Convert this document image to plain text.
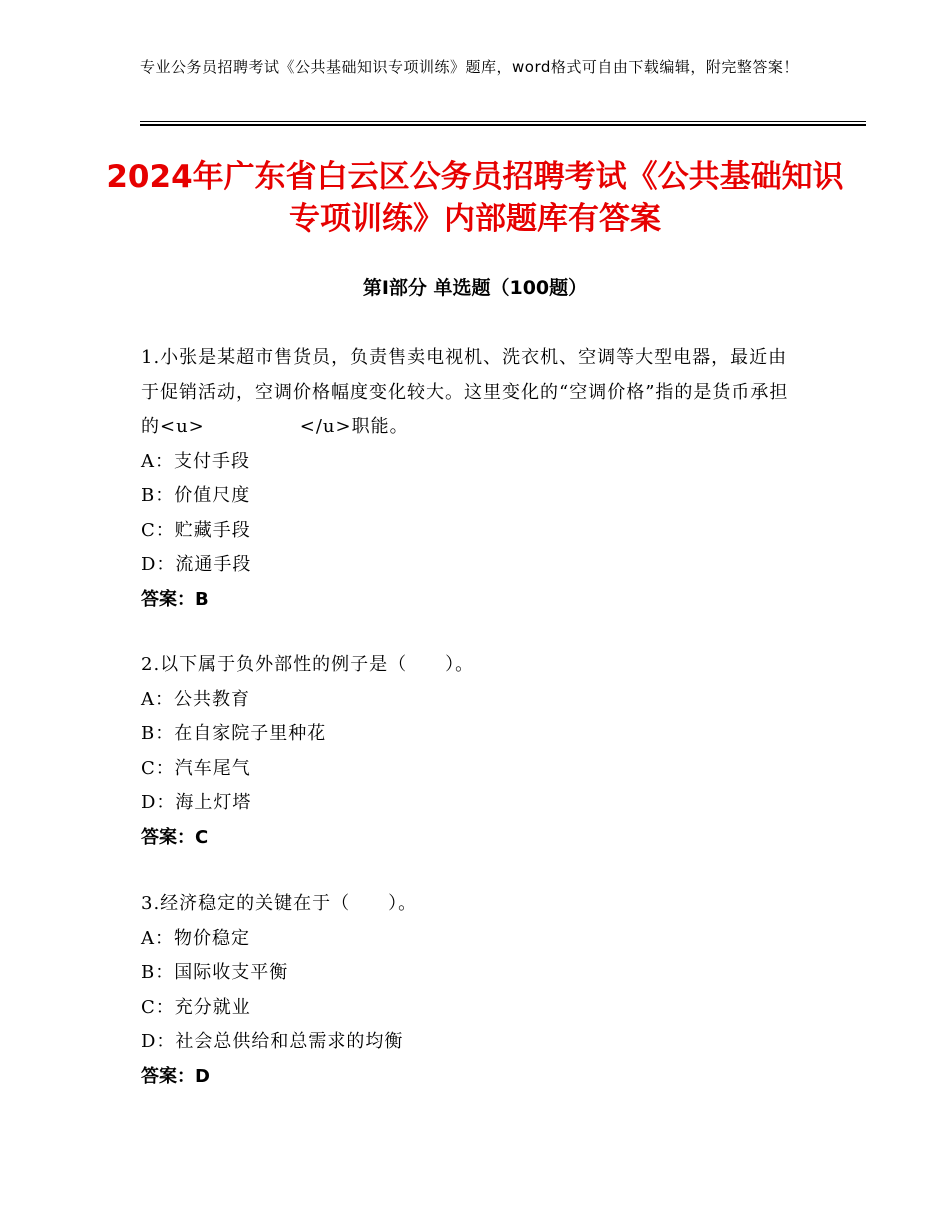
专业公务员招聘考试《公共基础知识专项训练》题库，word格式可自由下载编辑，附完整答案！
2024年广东省白云区公务员招聘考试《公共基础知识专项训练》内部题库有答案
第Ⅰ部分 单选题（100题）

1.小张是某超市售货员，负责售卖电视机、洗衣机、空调等大型电器，最近由于促销活动，空调价格幅度变化较大。这里变化的“空调价格”指的是货币承担的<u>　　　　　</u>职能。

A：支付手段

B：价值尺度

C：贮藏手段

D：流通手段

答案：B

2.以下属于负外部性的例子是（　　）。

A：公共教育

B：在自家院子里种花

C：汽车尾气

D：海上灯塔

答案：C

3.经济稳定的关键在于（　　）。

A：物价稳定

B：国际收支平衡

C：充分就业

D：社会总供给和总需求的均衡

答案：D
